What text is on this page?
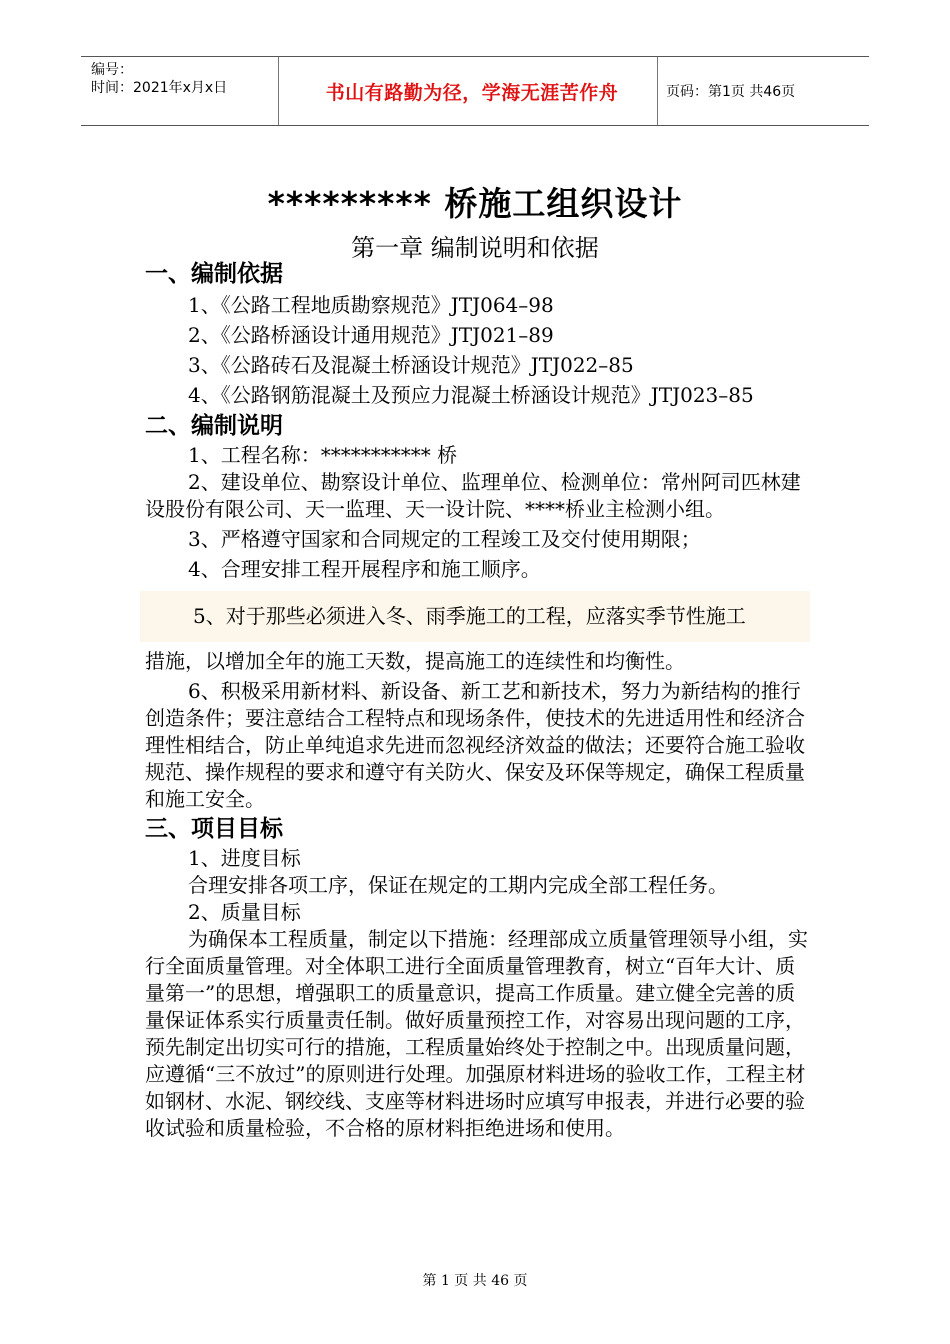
编号：
时间：2021年x月x日	书山有路勤为径，学海无涯苦作舟	页码：第1页 共46页
********* 桥施工组织设计
第一章 编制说明和依据
一、编制依据
1、《公路工程地质勘察规范》JTJ064–98
2、《公路桥涵设计通用规范》JTJ021–89
3、《公路砖石及混凝土桥涵设计规范》JTJ022–85
4、《公路钢筋混凝土及预应力混凝土桥涵设计规范》JTJ023–85
二、编制说明
1、工程名称：*********** 桥
2、建设单位、勘察设计单位、监理单位、检测单位：常州阿司匹林建设股份有限公司、天一监理、天一设计院、****桥业主检测小组。
3、严格遵守国家和合同规定的工程竣工及交付使用期限；
4、合理安排工程开展程序和施工顺序。
5、对于那些必须进入冬、雨季施工的工程，应落实季节性施工
措施，以增加全年的施工天数，提高施工的连续性和均衡性。
6、积极采用新材料、新设备、新工艺和新技术，努力为新结构的推行创造条件；要注意结合工程特点和现场条件，使技术的先进适用性和经济合理性相结合，防止单纯追求先进而忽视经济效益的做法；还要符合施工验收规范、操作规程的要求和遵守有关防火、保安及环保等规定，确保工程质量和施工安全。
三、项目目标
1、进度目标
合理安排各项工序，保证在规定的工期内完成全部工程任务。
2、质量目标
为确保本工程质量，制定以下措施：经理部成立质量管理领导小组，实行全面质量管理。对全体职工进行全面质量管理教育，树立“百年大计、质量第一”的思想，增强职工的质量意识，提高工作质量。建立健全完善的质量保证体系实行质量责任制。做好质量预控工作，对容易出现问题的工序，预先制定出切实可行的措施，工程质量始终处于控制之中。出现质量问题，应遵循“三不放过”的原则进行处理。加强原材料进场的验收工作，工程主材如钢材、水泥、钢绞线、支座等材料进场时应填写申报表，并进行必要的验收试验和质量检验，不合格的原材料拒绝进场和使用。
第 1 页 共 46 页
